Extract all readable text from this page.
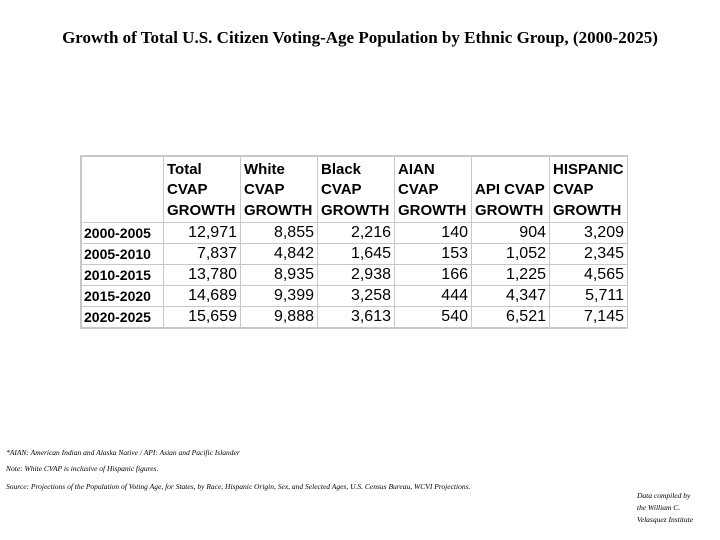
Growth of Total U.S. Citizen Voting-Age Population by Ethnic Group, (2000-2025)
	Total
CVAP
GROWTH	White
CVAP
GROWTH	Black
CVAP
GROWTH	AIAN
CVAP
GROWTH	API CVAP
GROWTH	HISPANIC
CVAP
GROWTH
2000-2005	12,971	8,855	2,216	140	904	3,209
2005-2010	7,837	4,842	1,645	153	1,052	2,345
2010-2015	13,780	8,935	2,938	166	1,225	4,565
2015-2020	14,689	9,399	3,258	444	4,347	5,711
2020-2025	15,659	9,888	3,613	540	6,521	7,145
*AIAN: American Indian and Alaska Native / API: Asian and Pacific Islander
Note: White CVAP is inclusive of Hispanic figures.
Source: Projections of the Population of Voting Age, for States, by Race, Hispanic Origin, Sex, and Selected Ages, U.S. Census Bureau, WCVI Projections.
Data compiled by
the William C.
Velasquez Institute
